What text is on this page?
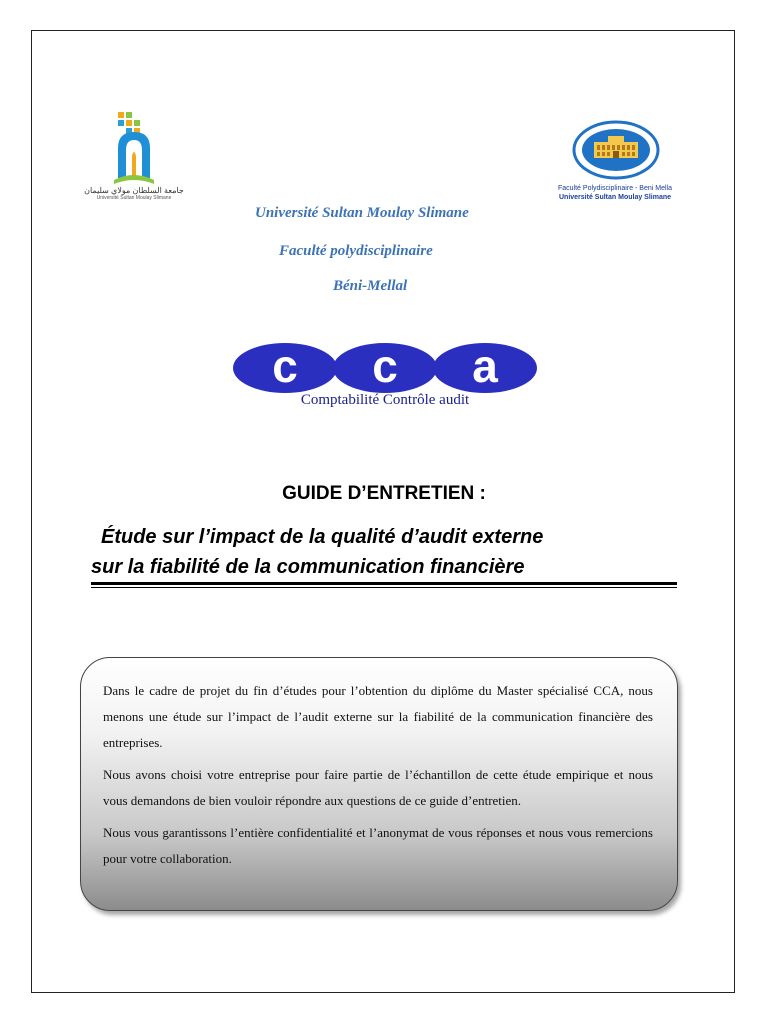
جامعة السلطان مولاي سليمان
Université Sultan Moulay Slimane
Faculté Polydisciplinaire - Beni Mella
Université Sultan Moulay Slimane
Université Sultan Moulay Slimane
Faculté polydisciplinaire
Béni-Mellal
c c a
Comptabilité Contrôle audit
GUIDE D’ENTRETIEN :
Étude sur l’impact de la qualité d’audit externe
sur la fiabilité de la communication financière

Dans le cadre de projet du fin d’études pour l’obtention du diplôme du Master spécialisé CCA, nous menons une étude sur l’impact de l’audit externe sur la fiabilité de la communication financière des entreprises.

Nous avons choisi votre entreprise pour faire partie de l’échantillon de cette étude empirique et nous vous demandons de bien vouloir répondre aux questions de ce guide d’entretien.

Nous vous garantissons l’entière confidentialité et l’anonymat de vous réponses et nous vous remercions pour votre collaboration.
